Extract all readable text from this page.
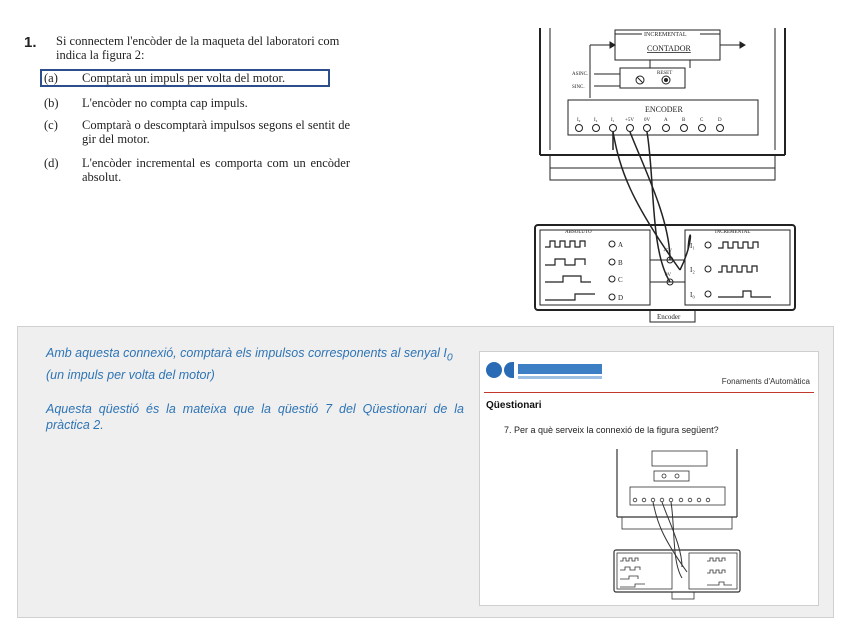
1. Si connectem l'encòder de la maqueta del laboratori com indica la figura 2:
(a) Comptarà un impuls per volta del motor.
(b) L'encòder no compta cap impuls.
(c) Comptarà o descomptarà impulsos segons el sentit de gir del motor.
(d) L'encòder incremental es comporta com un encòder absolut.
INCREMENTAL
CONTADOR
RESET
ASINC.
SINC.
ENCODER
I₀	I₂	I₁ +5V 0V	A	B	C	D
ABSOLUTO	INCREMENTAL
A
B
C
D
+5V
0V
I₁
I₂
I₀
Encoder
Amb aquesta connexió, comptarà els impulsos corresponents al senyal $I_0$ (un impuls per volta del motor)
Aquesta qüestió és la mateixa que la qüestió 7 del Qüestionari de la pràctica 2.
Fonaments d'Automàtica
Qüestionari
7. Per a què serveix la connexió de la figura següent?
